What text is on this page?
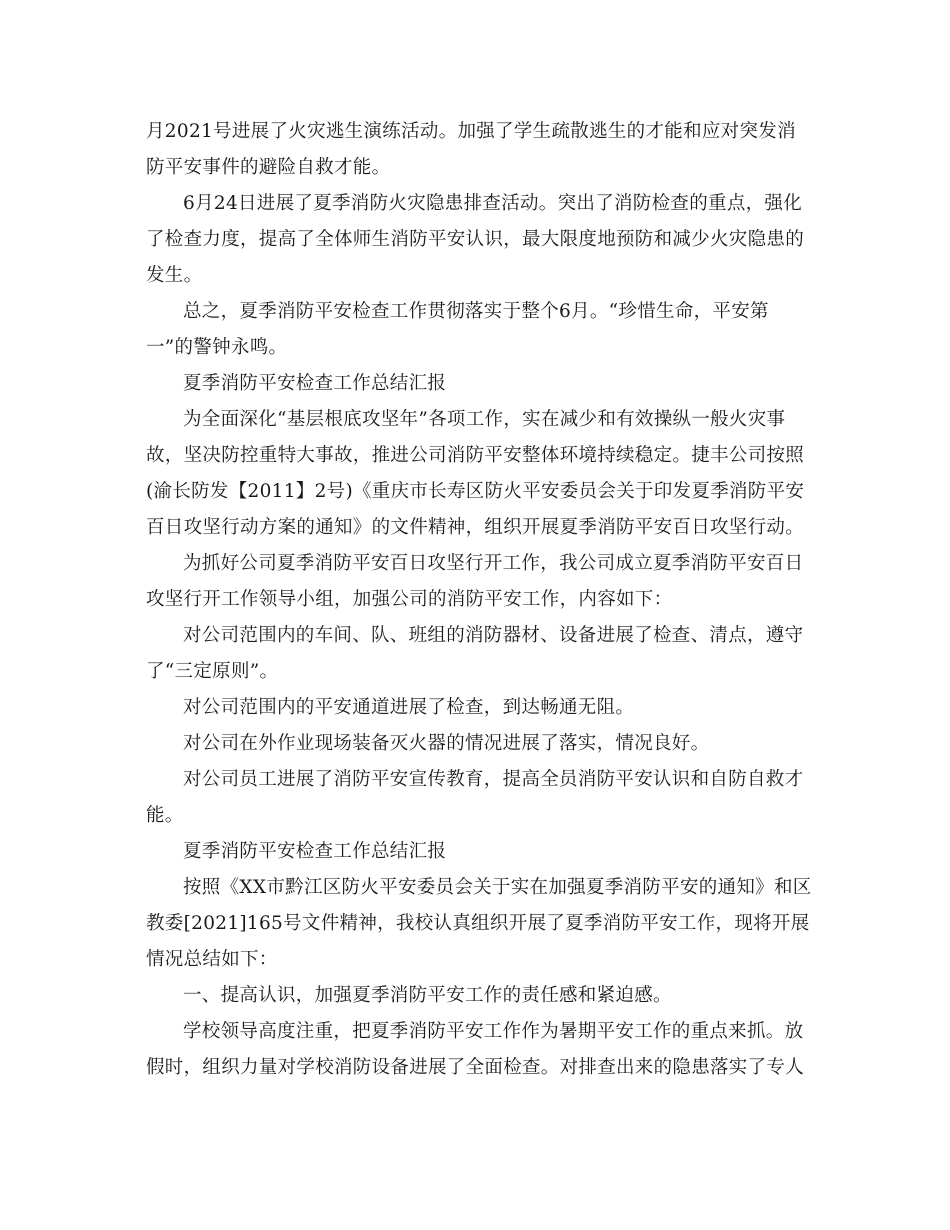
月2021号进展了火灾逃生演练活动。加强了学生疏散逃生的才能和应对突发消
防平安事件的避险自救才能。

6月24日进展了夏季消防火灾隐患排查活动。突出了消防检查的重点，强化
了检查力度，提高了全体师生消防平安认识，最大限度地预防和减少火灾隐患的
发生。

总之，夏季消防平安检查工作贯彻落实于整个6月。“珍惜生命，平安第
一”的警钟永鸣。

夏季消防平安检查工作总结汇报

为全面深化“基层根底攻坚年”各项工作，实在减少和有效操纵一般火灾事
故，坚决防控重特大事故，推进公司消防平安整体环境持续稳定。捷丰公司按照
(渝长防发【2011】2号)《重庆市长寿区防火平安委员会关于印发夏季消防平安
百日攻坚行动方案的通知》的文件精神，组织开展夏季消防平安百日攻坚行动。

为抓好公司夏季消防平安百日攻坚行开工作，我公司成立夏季消防平安百日
攻坚行开工作领导小组，加强公司的消防平安工作，内容如下：

对公司范围内的车间、队、班组的消防器材、设备进展了检查、清点，遵守
了“三定原则”。

对公司范围内的平安通道进展了检查，到达畅通无阻。

对公司在外作业现场装备灭火器的情况进展了落实，情况良好。

对公司员工进展了消防平安宣传教育，提高全员消防平安认识和自防自救才
能。

夏季消防平安检查工作总结汇报

按照《XX市黔江区防火平安委员会关于实在加强夏季消防平安的通知》和区
教委[2021]165号文件精神，我校认真组织开展了夏季消防平安工作，现将开展
情况总结如下：

一、提高认识，加强夏季消防平安工作的责任感和紧迫感。

学校领导高度注重，把夏季消防平安工作作为暑期平安工作的重点来抓。放
假时，组织力量对学校消防设备进展了全面检查。对排查出来的隐患落实了专人
